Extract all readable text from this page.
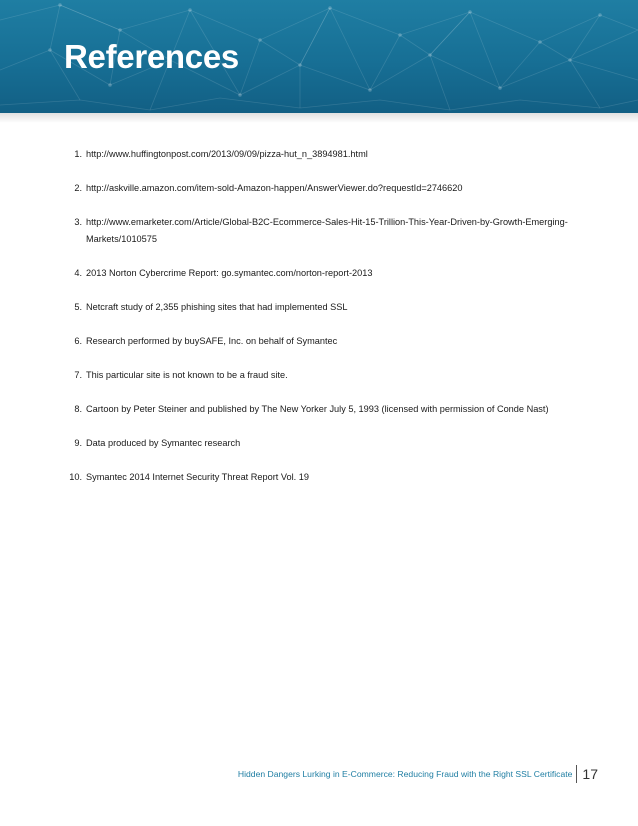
References
1. http://www.huffingtonpost.com/2013/09/09/pizza-hut_n_3894981.html
2. http://askville.amazon.com/item-sold-Amazon-happen/AnswerViewer.do?requestId=2746620
3. http://www.emarketer.com/Article/Global-B2C-Ecommerce-Sales-Hit-15-Trillion-This-Year-Driven-by-Growth-Emerging-Markets/1010575
4. 2013 Norton Cybercrime Report: go.symantec.com/norton-report-2013
5. Netcraft study of 2,355 phishing sites that had implemented SSL
6. Research performed by buySAFE, Inc. on behalf of Symantec
7. This particular site is not known to be a fraud site.
8. Cartoon by Peter Steiner and published by The New Yorker July 5, 1993 (licensed with permission of Conde Nast)
9. Data produced by Symantec research
10. Symantec 2014 Internet Security Threat Report Vol. 19
Hidden Dangers Lurking in E-Commerce: Reducing Fraud with the Right SSL Certificate 17
